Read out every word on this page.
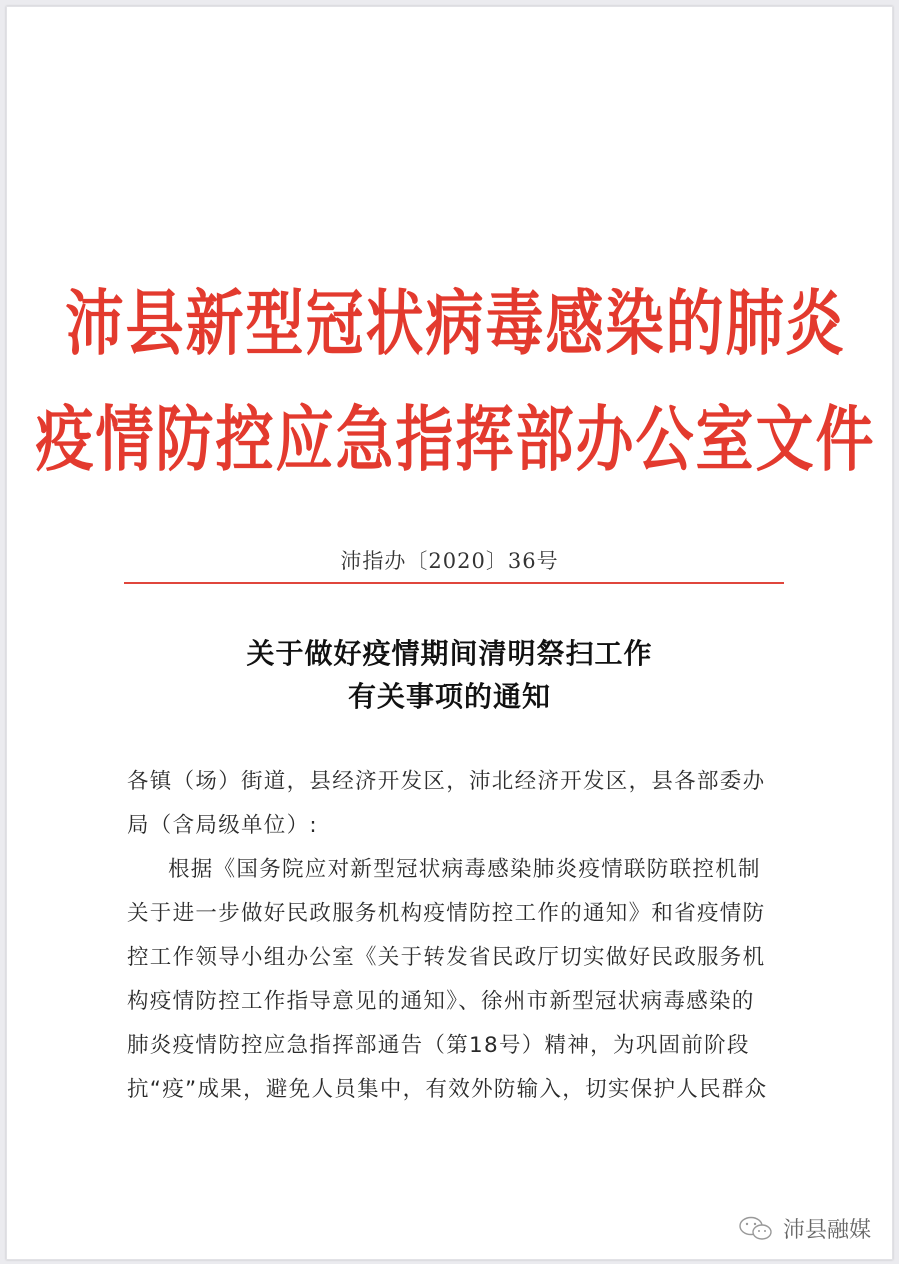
沛县新型冠状病毒感染的肺炎
疫情防控应急指挥部办公室文件
沛指办〔2020〕36号
关于做好疫情期间清明祭扫工作
有关事项的通知
各镇（场）街道，县经济开发区，沛北经济开发区，县各部委办
局（含局级单位）:
根据《国务院应对新型冠状病毒感染肺炎疫情联防联控机制
关于进一步做好民政服务机构疫情防控工作的通知》和省疫情防
控工作领导小组办公室《关于转发省民政厅切实做好民政服务机
构疫情防控工作指导意见的通知》、徐州市新型冠状病毒感染的
肺炎疫情防控应急指挥部通告（第18号）精神，为巩固前阶段
抗“疫”成果，避免人员集中，有效外防输入，切实保护人民群众
沛县融媒
